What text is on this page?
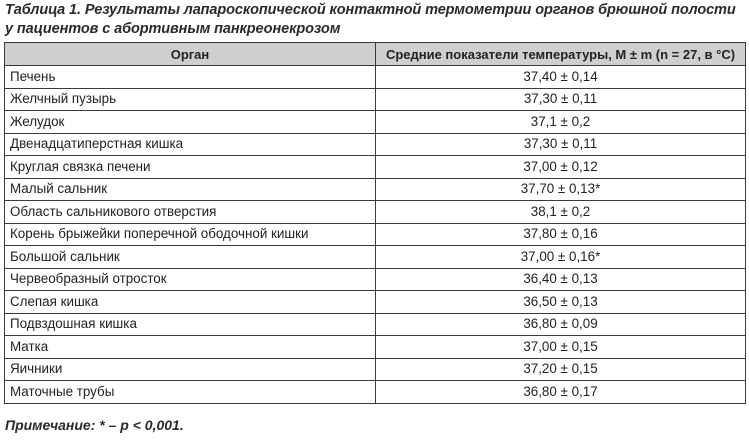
Таблица 1. Результаты лапароскопической контактной термометрии органов брюшной полости у пациентов с абортивным панкреонекрозом
Орган	Средние показатели температуры, М ± m (n = 27, в °C)
Печень	37,40 ± 0,14
Желчный пузырь	37,30 ± 0,11
Желудок	37,1 ± 0,2
Двенадцатиперстная кишка	37,30 ± 0,11
Круглая связка печени	37,00 ± 0,12
Малый сальник	37,70 ± 0,13*
Область сальникового отверстия	38,1 ± 0,2
Корень брыжейки поперечной ободочной кишки	37,80 ± 0,16
Большой сальник	37,00 ± 0,16*
Червеобразный отросток	36,40 ± 0,13
Слепая кишка	36,50 ± 0,13
Подвздошная кишка	36,80 ± 0,09
Матка	37,00 ± 0,15
Яичники	37,20 ± 0,15
Маточные трубы	36,80 ± 0,17
Примечание: * – р < 0,001.
